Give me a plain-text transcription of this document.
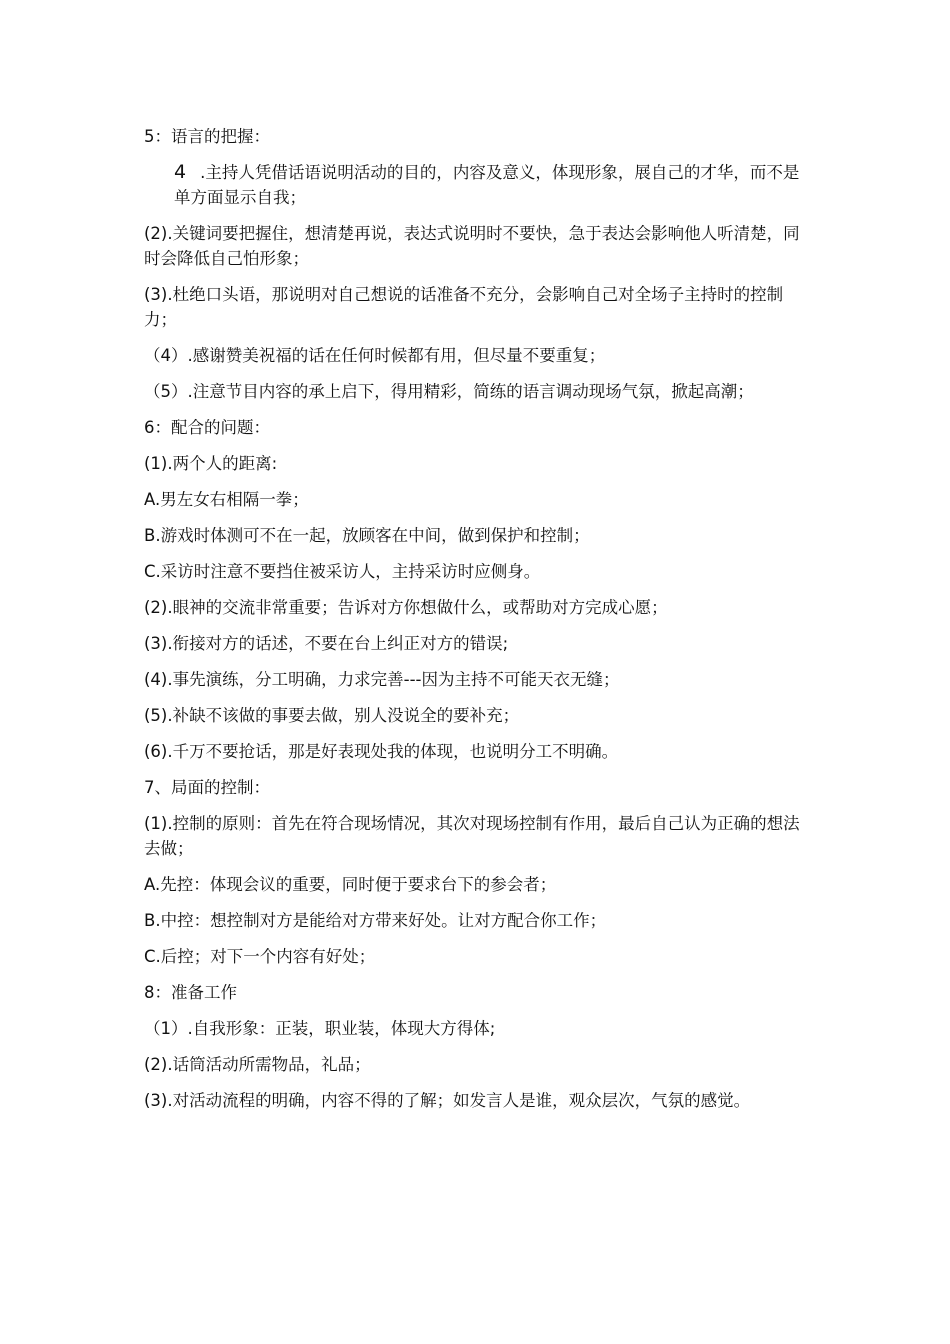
5：语言的把握：

4 .主持人凭借话语说明活动的目的，内容及意义，体现形象，展自己的才华，而不是单方面显示自我；

(2).关键词要把握住，想清楚再说，表达式说明时不要快，急于表达会影响他人听清楚，同时会降低自己怕形象；

(3).杜绝口头语，那说明对自己想说的话准备不充分，会影响自己对全场子主持时的控制力；

（4）.感谢赞美祝福的话在任何时候都有用，但尽量不要重复；

（5）.注意节目内容的承上启下，得用精彩，简练的语言调动现场气氛，掀起高潮；

6：配合的问题：

(1).两个人的距离:

A.男左女右相隔一拳；

B.游戏时体测可不在一起，放顾客在中间，做到保护和控制；

C.采访时注意不要挡住被采访人，主持采访时应侧身。

(2).眼神的交流非常重要；告诉对方你想做什么，或帮助对方完成心愿；

(3).衔接对方的话述，不要在台上纠正对方的错误;

(4).事先演练，分工明确，力求完善---因为主持不可能天衣无缝；

(5).补缺不该做的事要去做，别人没说全的要补充；

(6).千万不要抢话，那是好表现处我的体现，也说明分工不明确。

7、局面的控制：

(1).控制的原则：首先在符合现场情况，其次对现场控制有作用，最后自己认为正确的想法去做；

A.先控：体现会议的重要，同时便于要求台下的参会者；

B.中控：想控制对方是能给对方带来好处。让对方配合你工作；

C.后控；对下一个内容有好处；

8：准备工作

（1）.自我形象：正装，职业装，体现大方得体;

(2).话筒活动所需物品，礼品；

(3).对活动流程的明确，内容不得的了解；如发言人是谁，观众层次，气氛的感觉。
